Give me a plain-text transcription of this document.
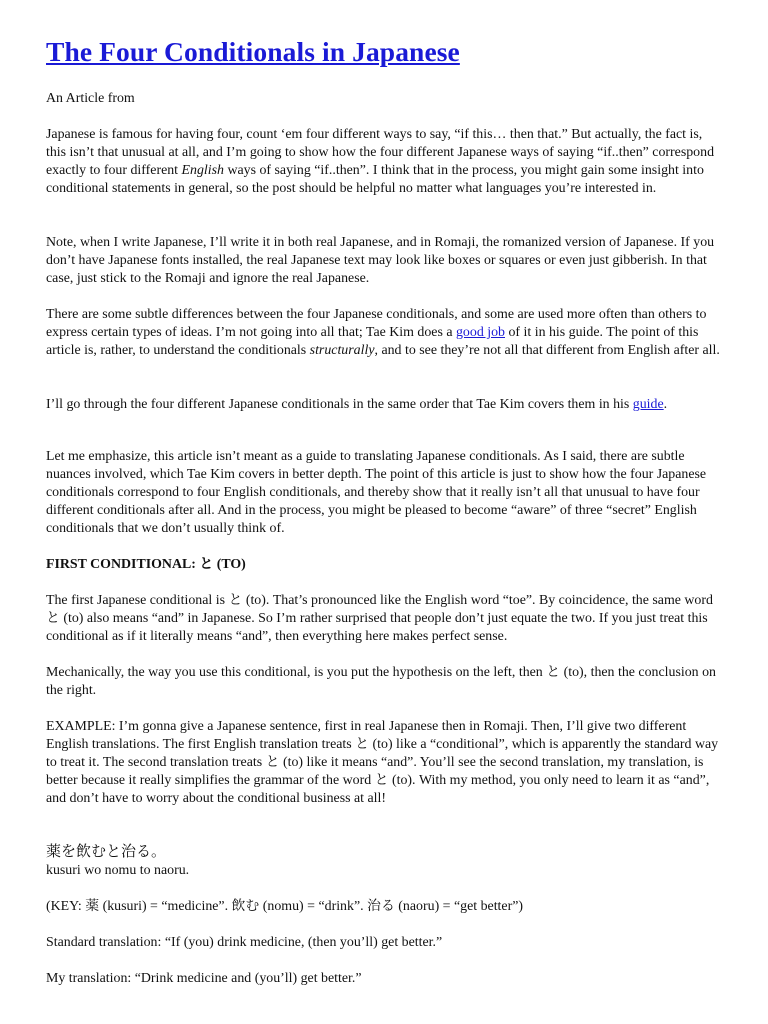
The Four Conditionals in Japanese

An Article from

Japanese is famous for having four, count ‘em four different ways to say, “if this… then that.” But actually, the fact is, this isn’t that unusual at all, and I’m going to show how the four different Japanese ways of saying “if..then” correspond exactly to four different English ways of saying “if..then”. I think that in the process, you might gain some insight into conditional statements in general, so the post should be helpful no matter what languages you’re interested in.

Note, when I write Japanese, I’ll write it in both real Japanese, and in Romaji, the romanized version of Japanese. If you don’t have Japanese fonts installed, the real Japanese text may look like boxes or squares or even just gibberish. In that case, just stick to the Romaji and ignore the real Japanese.

There are some subtle differences between the four Japanese conditionals, and some are used more often than others to express certain types of ideas. I’m not going into all that; Tae Kim does a good job of it in his guide. The point of this article is, rather, to understand the conditionals structurally, and to see they’re not all that different from English after all.

I’ll go through the four different Japanese conditionals in the same order that Tae Kim covers them in his guide.

Let me emphasize, this article isn’t meant as a guide to translating Japanese conditionals. As I said, there are subtle nuances involved, which Tae Kim covers in better depth. The point of this article is just to show how the four Japanese conditionals correspond to four English conditionals, and thereby show that it really isn’t all that unusual to have four different conditionals after all. And in the process, you might be pleased to become “aware” of three “secret” English conditionals that we don’t usually think of.

FIRST CONDITIONAL: と (TO)

The first Japanese conditional is と (to). That’s pronounced like the English word “toe”. By coincidence, the same word と (to) also means “and” in Japanese. So I’m rather surprised that people don’t just equate the two. If you just treat this conditional as if it literally means “and”, then everything here makes perfect sense.

Mechanically, the way you use this conditional, is you put the hypothesis on the left, then と (to), then the conclusion on the right.

EXAMPLE: I’m gonna give a Japanese sentence, first in real Japanese then in Romaji. Then, I’ll give two different English translations. The first English translation treats と (to) like a “conditional”, which is apparently the standard way to treat it. The second translation treats と (to) like it means “and”. You’ll see the second translation, my translation, is better because it really simplifies the grammar of the word と (to). With my method, you only need to learn it as “and”, and don’t have to worry about the conditional business at all!

薬を飲むと治る。

kusuri wo nomu to naoru.

(KEY: 薬 (kusuri) = “medicine”. 飲む (nomu) = “drink”. 治る (naoru) = “get better”)

Standard translation: “If (you) drink medicine, (then you’ll) get better.”

My translation: “Drink medicine and (you’ll) get better.”
